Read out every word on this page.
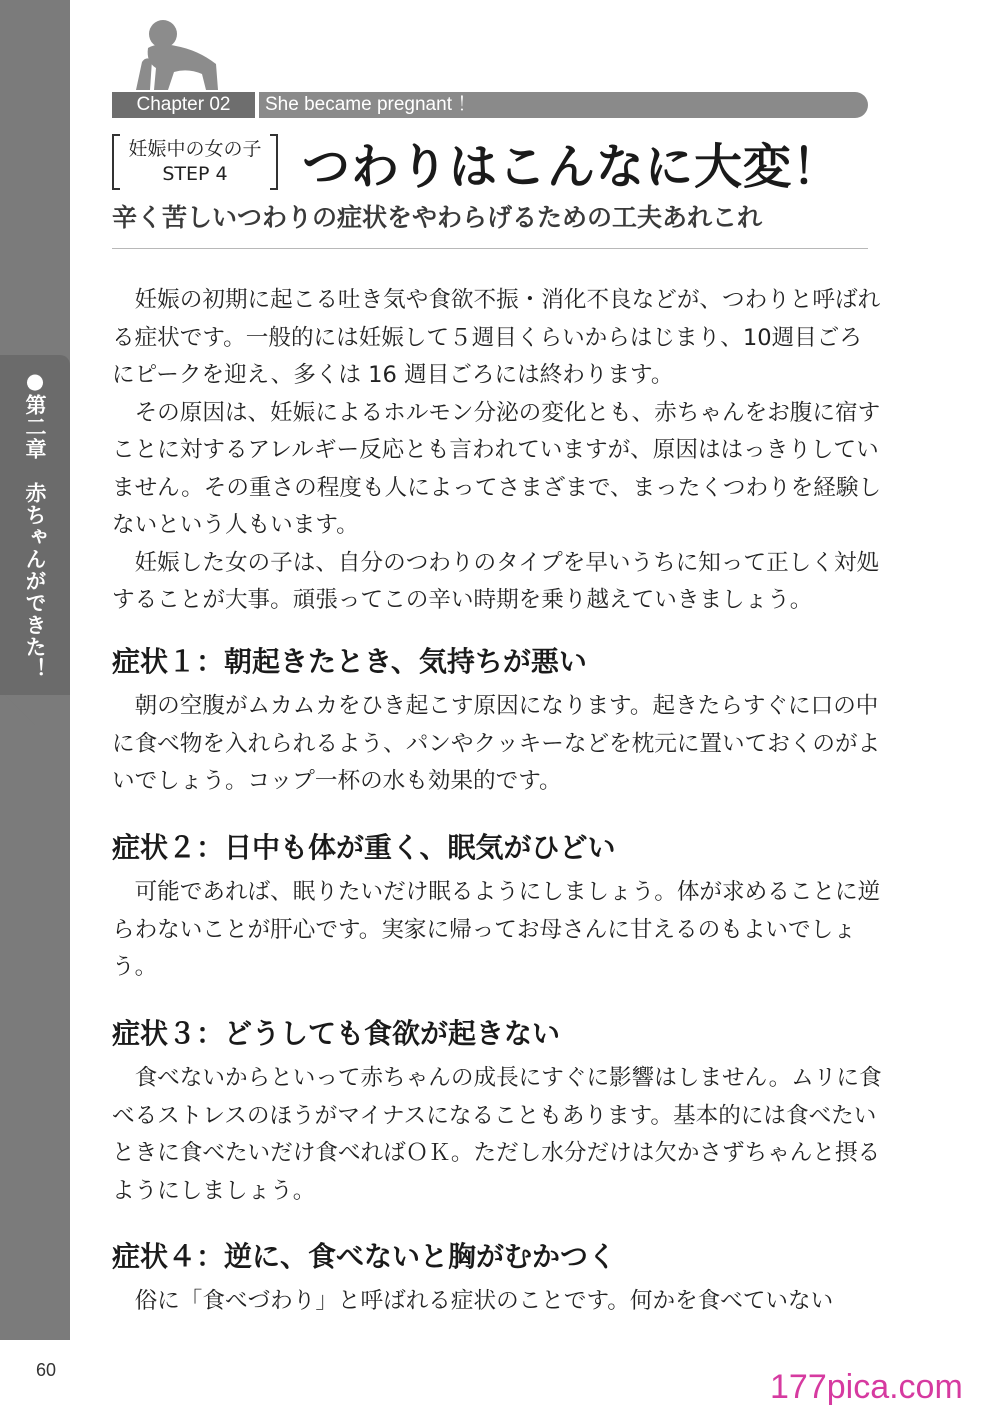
●第二章　赤ちゃんができた！
Chapter 02	She became pregnant ！
妊娠中の女の子
STEP 4	つわりはこんなに大変！
辛く苦しいつわりの症状をやわらげるための工夫あれこれ

妊娠の初期に起こる吐き気や食欲不振・消化不良などが、つわりと呼ばれる症状です。一般的には妊娠して５週目くらいからはじまり、10週目ごろにピークを迎え、多くは 16 週目ごろには終わります。

その原因は、妊娠によるホルモン分泌の変化とも、赤ちゃんをお腹に宿すことに対するアレルギー反応とも言われていますが、原因ははっきりしていません。その重さの程度も人によってさまざまで、まったくつわりを経験しないという人もいます。

妊娠した女の子は、自分のつわりのタイプを早いうちに知って正しく対処することが大事。頑張ってこの辛い時期を乗り越えていきましょう。

症状１：朝起きたとき、気持ちが悪い

朝の空腹がムカムカをひき起こす原因になります。起きたらすぐに口の中に食べ物を入れられるよう、パンやクッキーなどを枕元に置いておくのがよいでしょう。コップ一杯の水も効果的です。

症状２：日中も体が重く、眠気がひどい

可能であれば、眠りたいだけ眠るようにしましょう。体が求めることに逆らわないことが肝心です。実家に帰ってお母さんに甘えるのもよいでしょう。

症状３：どうしても食欲が起きない

食べないからといって赤ちゃんの成長にすぐに影響はしません。ムリに食べるストレスのほうがマイナスになることもあります。基本的には食べたいときに食べたいだけ食べればＯＫ。ただし水分だけは欠かさずちゃんと摂るようにしましょう。

症状４：逆に、食べないと胸がむかつく

俗に「食べづわり」と呼ばれる症状のことです。何かを食べていない

60	177pica.com
